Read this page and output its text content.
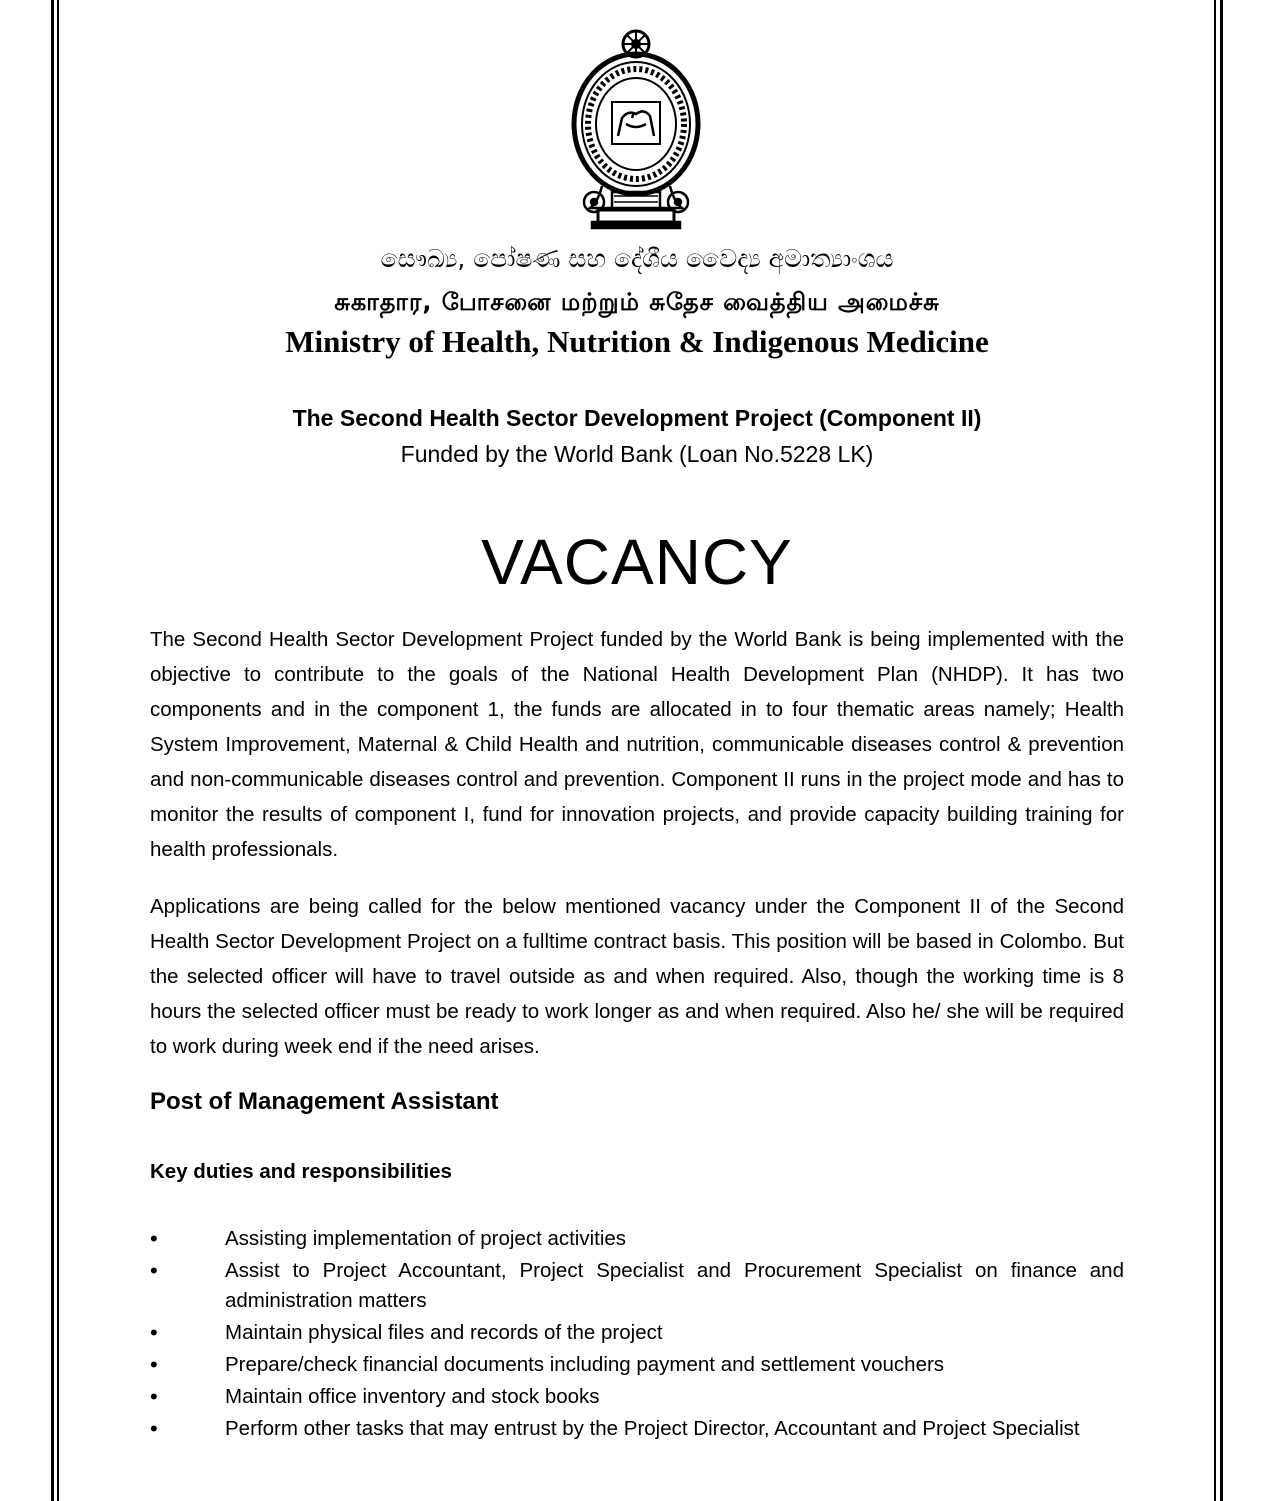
සෞඛ්‍ය, පෝෂණ සහ දේශීය වෛද්‍ය අමාත්‍යාංශය
சுகாதார, போசனை மற்றும் சுதேச வைத்திய அமைச்சு
Ministry of Health, Nutrition & Indigenous Medicine
The Second Health Sector Development Project (Component II)
Funded by the World Bank (Loan No.5228 LK)
VACANCY

The Second Health Sector Development Project funded by the World Bank is being implemented with the objective to contribute to the goals of the National Health Development Plan (NHDP). It has two components and in the component 1, the funds are allocated in to four thematic areas namely; Health System Improvement, Maternal & Child Health and nutrition, communicable diseases control & prevention and non-communicable diseases control and prevention. Component II runs in the project mode and has to monitor the results of component I, fund for innovation projects, and provide capacity building training for health professionals.

Applications are being called for the below mentioned vacancy under the Component II of the Second Health Sector Development Project on a fulltime contract basis. This position will be based in Colombo. But the selected officer will have to travel outside as and when required. Also, though the working time is 8 hours the selected officer must be ready to work longer as and when required. Also he/ she will be required to work during week end if the need arises.

Post of Management Assistant
Key duties and responsibilities
•	Assisting implementation of project activities
•	Assist to Project Accountant, Project Specialist and Procurement Specialist on finance and administration matters
•	Maintain physical files and records of the project
•	Prepare/check financial documents including payment and settlement vouchers
•	Maintain office inventory and stock books
•	Perform other tasks that may entrust by the Project Director, Accountant and Project Specialist
